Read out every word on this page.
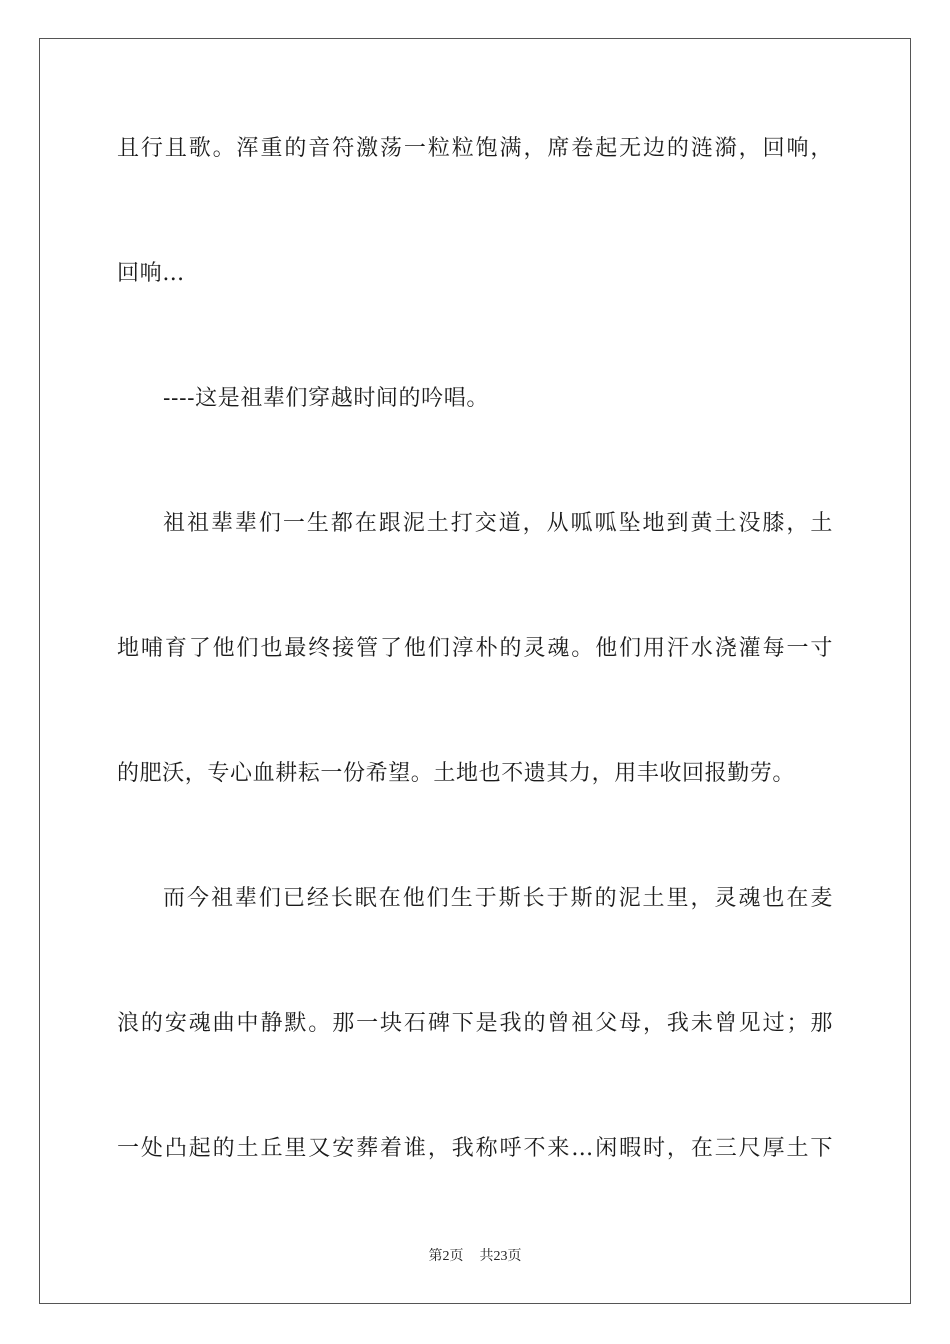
且行且歌。浑重的音符激荡一粒粒饱满，席卷起无边的涟漪，回响，
回响…
----这是祖辈们穿越时间的吟唱。
祖祖辈辈们一生都在跟泥土打交道，从呱呱坠地到黄土没膝，土
地哺育了他们也最终接管了他们淳朴的灵魂。他们用汗水浇灌每一寸
的肥沃，专心血耕耘一份希望。土地也不遗其力，用丰收回报勤劳。
而今祖辈们已经长眠在他们生于斯长于斯的泥土里，灵魂也在麦
浪的安魂曲中静默。那一块石碑下是我的曾祖父母，我未曾见过；那
一处凸起的土丘里又安葬着谁，我称呼不来…闲暇时，在三尺厚土下
第2页 共23页
